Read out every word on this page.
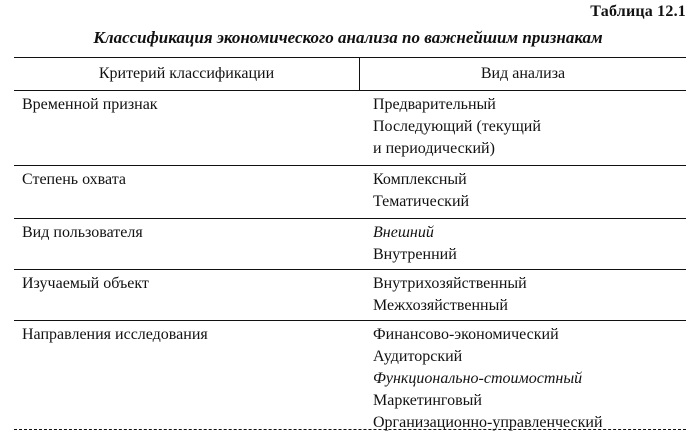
Таблица 12.1
Классификация экономического анализа по важнейшим признакам
Критерий классификации	Вид анализа
Временной признак	Предварительный
Последующий (текущий
и периодический)
Степень охвата	Комплексный
Тематический
Вид пользователя	Внешний
Внутренний
Изучаемый объект	Внутрихозяйственный
Межхозяйственный
Направления исследования	Финансово-экономический
Аудиторский
Функционально-стоимостный
Маркетинговый
Организационно-управленческий
